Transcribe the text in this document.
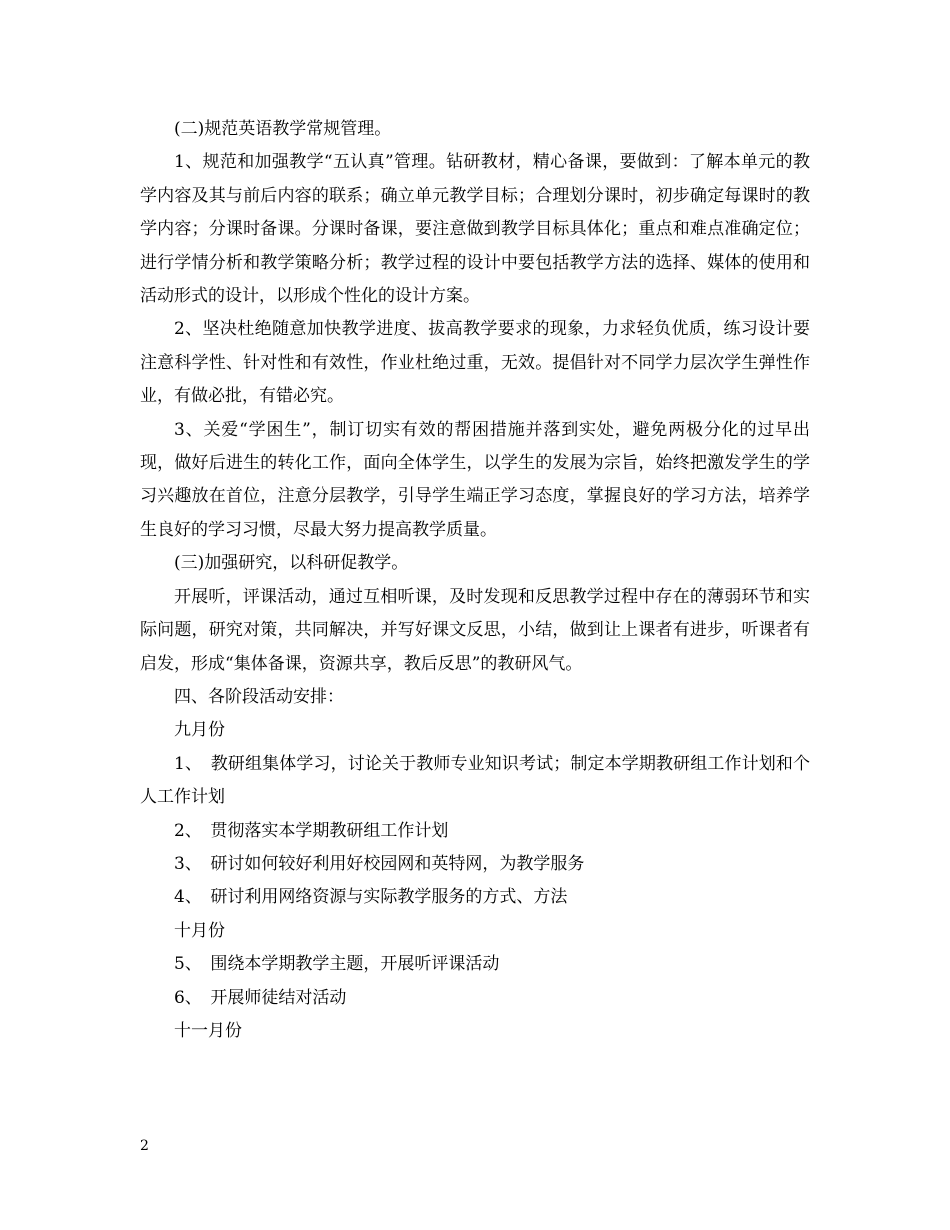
(二)规范英语教学常规管理。

1、规范和加强教学“五认真”管理。钻研教材，精心备课，要做到：了解本单元的教学内容及其与前后内容的联系；确立单元教学目标；合理划分课时，初步确定每课时的教学内容；分课时备课。分课时备课，要注意做到教学目标具体化；重点和难点准确定位；进行学情分析和教学策略分析；教学过程的设计中要包括教学方法的选择、媒体的使用和活动形式的设计，以形成个性化的设计方案。

2、坚决杜绝随意加快教学进度、拔高教学要求的现象，力求轻负优质，练习设计要注意科学性、针对性和有效性，作业杜绝过重，无效。提倡针对不同学力层次学生弹性作业，有做必批，有错必究。

3、关爱“学困生”，制订切实有效的帮困措施并落到实处，避免两极分化的过早出现，做好后进生的转化工作，面向全体学生，以学生的发展为宗旨，始终把激发学生的学习兴趣放在首位，注意分层教学，引导学生端正学习态度，掌握良好的学习方法，培养学生良好的学习习惯，尽最大努力提高教学质量。

(三)加强研究，以科研促教学。

开展听，评课活动，通过互相听课，及时发现和反思教学过程中存在的薄弱环节和实际问题，研究对策，共同解决，并写好课文反思，小结，做到让上课者有进步，听课者有启发，形成“集体备课，资源共享，教后反思”的教研风气。

四、各阶段活动安排：

九月份

1、　教研组集体学习，讨论关于教师专业知识考试；制定本学期教研组工作计划和个人工作计划

2、　贯彻落实本学期教研组工作计划

3、　研讨如何较好利用好校园网和英特网，为教学服务

4、　研讨利用网络资源与实际教学服务的方式、方法

十月份

5、　围绕本学期教学主题，开展听评课活动

6、　开展师徒结对活动

十一月份

2
